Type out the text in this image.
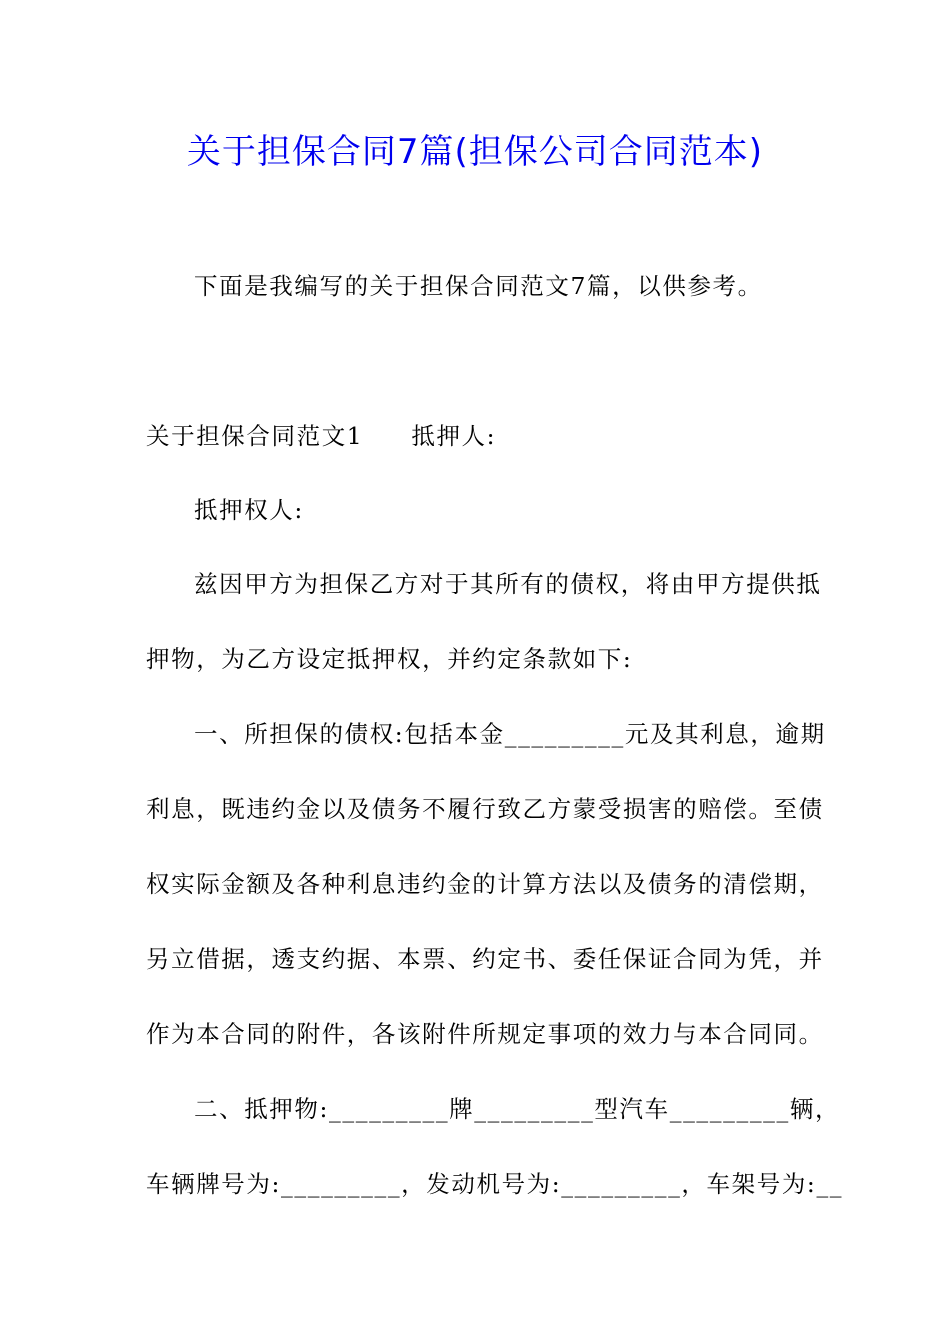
关于担保合同7篇(担保公司合同范本)
下面是我编写的关于担保合同范文7篇，以供参考。
关于担保合同范文1 抵押人:
抵押权人:
兹因甲方为担保乙方对于其所有的债权，将由甲方提供抵
押物，为乙方设定抵押权，并约定条款如下:
一、所担保的债权:包括本金_________元及其利息，逾期
利息，既违约金以及债务不履行致乙方蒙受损害的赔偿。至债
权实际金额及各种利息违约金的计算方法以及债务的清偿期，
另立借据，透支约据、本票、约定书、委任保证合同为凭，并
作为本合同的附件，各该附件所规定事项的效力与本合同同。
二、抵押物:_________牌_________型汽车_________辆，
车辆牌号为:_________，发动机号为:_________，车架号为:__
